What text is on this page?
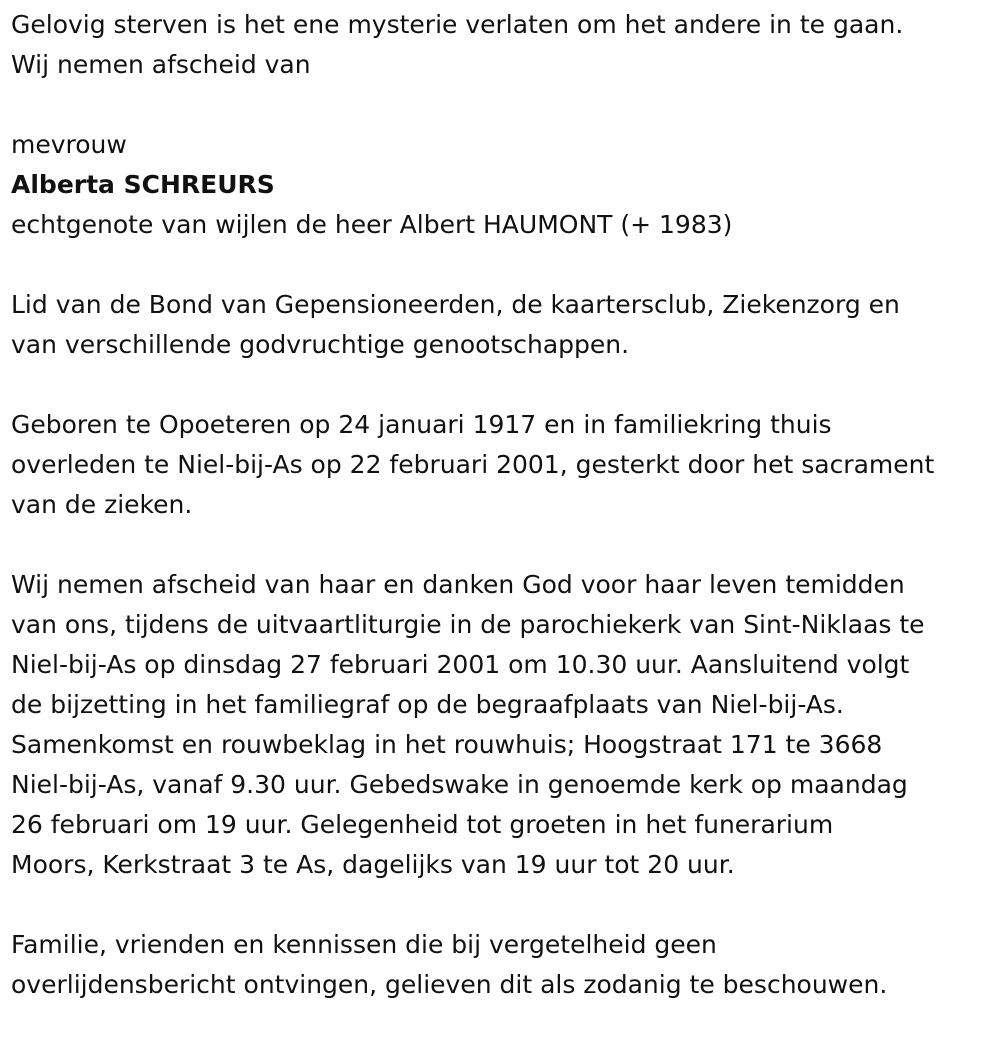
Gelovig sterven is het ene mysterie verlaten om het andere in te gaan.
Wij nemen afscheid van
mevrouw
Alberta SCHREURS
echtgenote van wijlen de heer Albert HAUMONT (+ 1983)
Lid van de Bond van Gepensioneerden, de kaartersclub, Ziekenzorg en
van verschillende godvruchtige genootschappen.
Geboren te Opoeteren op 24 januari 1917 en in familiekring thuis
overleden te Niel-bij-As op 22 februari 2001, gesterkt door het sacrament
van de zieken.
Wij nemen afscheid van haar en danken God voor haar leven temidden
van ons, tijdens de uitvaartliturgie in de parochiekerk van Sint-Niklaas te
Niel-bij-As op dinsdag 27 februari 2001 om 10.30 uur. Aansluitend volgt
de bijzetting in het familiegraf op de begraafplaats van Niel-bij-As.
Samenkomst en rouwbeklag in het rouwhuis; Hoogstraat 171 te 3668
Niel-bij-As, vanaf 9.30 uur. Gebedswake in genoemde kerk op maandag
26 februari om 19 uur. Gelegenheid tot groeten in het funerarium
Moors, Kerkstraat 3 te As, dagelijks van 19 uur tot 20 uur.
Familie, vrienden en kennissen die bij vergetelheid geen
overlijdensbericht ontvingen, gelieven dit als zodanig te beschouwen.
